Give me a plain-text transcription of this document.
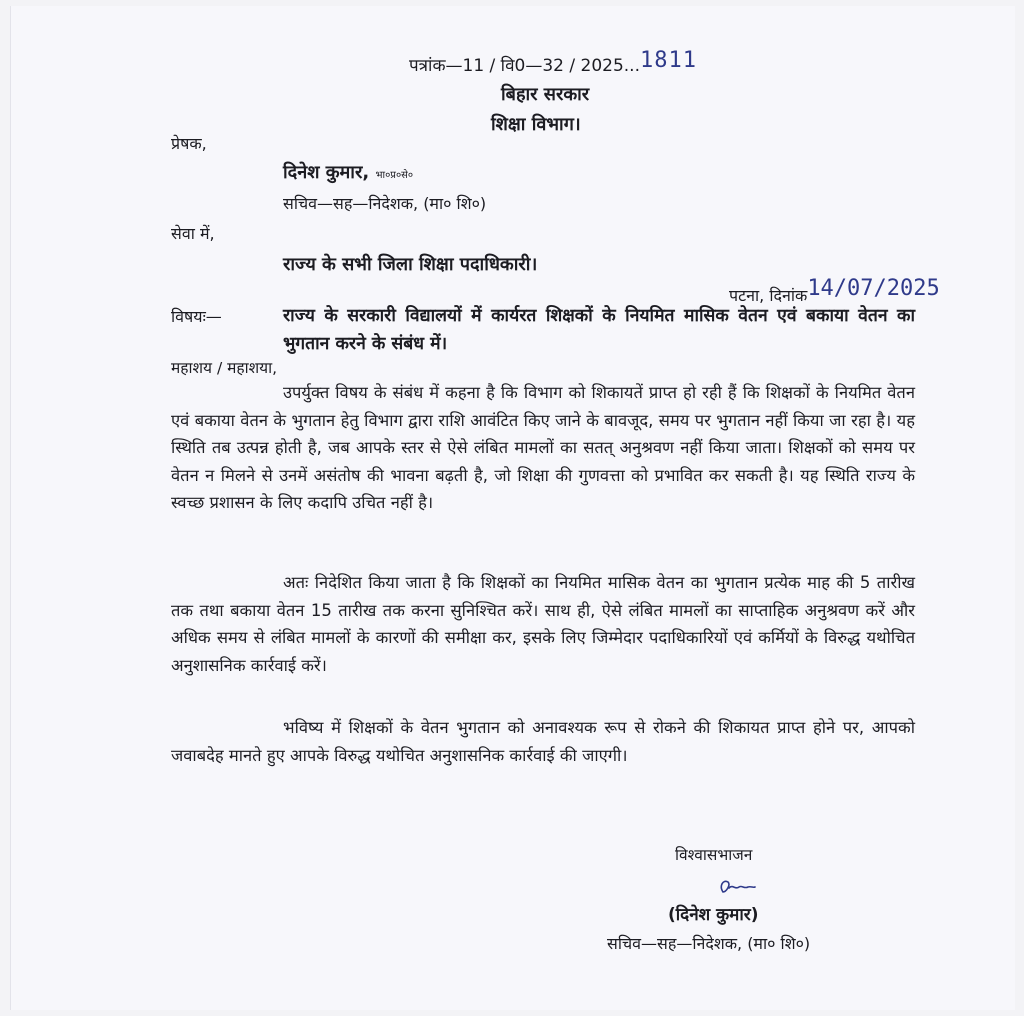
पत्रांक—11 / वि0—32 / 2025...1811
बिहार सरकार
शिक्षा विभाग।
प्रेषक,
दिनेश कुमार, भा०प्र०से०
सचिव—सह—निदेशक, (मा० शि०)
सेवा में,
राज्य के सभी जिला शिक्षा पदाधिकारी।
पटना, दिनांक14/07/2025
विषयः—	राज्य के सरकारी विद्यालयों में कार्यरत शिक्षकों के नियमित मासिक वेतन एवं बकाया वेतन का भुगतान करने के संबंध में।
महाशय / महाशया,
उपर्युक्त विषय के संबंध में कहना है कि विभाग को शिकायतें प्राप्त हो रही हैं कि शिक्षकों के नियमित वेतन एवं बकाया वेतन के भुगतान हेतु विभाग द्वारा राशि आवंटित किए जाने के बावजूद, समय पर भुगतान नहीं किया जा रहा है। यह स्थिति तब उत्पन्न होती है, जब आपके स्तर से ऐसे लंबित मामलों का सतत् अनुश्रवण नहीं किया जाता। शिक्षकों को समय पर वेतन न मिलने से उनमें असंतोष की भावना बढ़ती है, जो शिक्षा की गुणवत्ता को प्रभावित कर सकती है। यह स्थिति राज्य के स्वच्छ प्रशासन के लिए कदापि उचित नहीं है।
अतः निदेशित किया जाता है कि शिक्षकों का नियमित मासिक वेतन का भुगतान प्रत्येक माह की 5 तारीख तक तथा बकाया वेतन 15 तारीख तक करना सुनिश्चित करें। साथ ही, ऐसे लंबित मामलों का साप्ताहिक अनुश्रवण करें और अधिक समय से लंबित मामलों के कारणों की समीक्षा कर, इसके लिए जिम्मेदार पदाधिकारियों एवं कर्मियों के विरुद्ध यथोचित अनुशासनिक कार्रवाई करें।
भविष्य में शिक्षकों के वेतन भुगतान को अनावश्यक रूप से रोकने की शिकायत प्राप्त होने पर, आपको जवाबदेह मानते हुए आपके विरुद्ध यथोचित अनुशासनिक कार्रवाई की जाएगी।
विश्वासभाजन
(दिनेश कुमार)
सचिव—सह—निदेशक, (मा० शि०)
